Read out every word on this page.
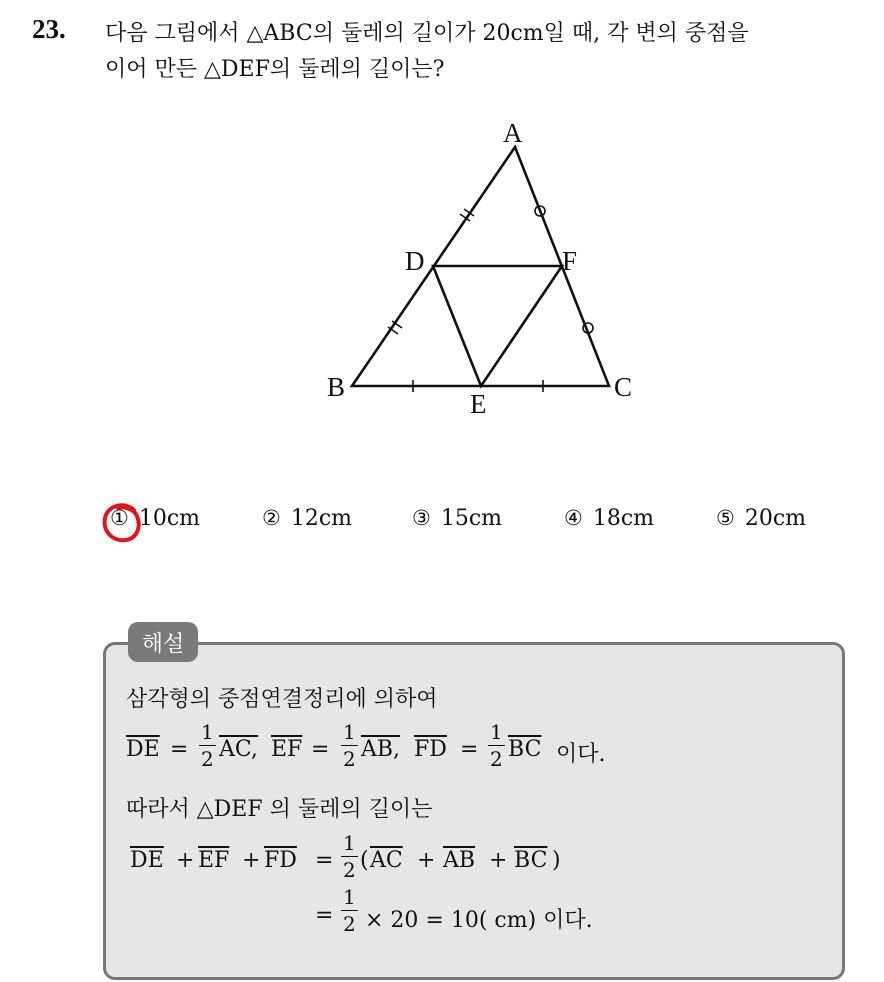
23. 다음 그림에서 △ABC의 둘레의 길이가 20cm일 때, 각 변의 중점을
이어 만든 △DEF의 둘레의 길이는?
A
B	C
D
E
F
① 10cm	② 12cm	③ 15cm	④ 18cm	⑤ 20cm
해설
삼각형의 중점연결정리에 의하여
$\overline{DE} = \frac{1}{2}$ AC, $\overline{EF} = \frac{1}{2}$ AB, $\overline{FD} = \frac{1}{2} \overline{BC}$ 이다.
따라서 △DEF 의 둘레의 길이는
$\overline{DE} + \overline{EF} + \overline{FD} = \frac{1}{2}$ ( $\overline{AC} + \overline{AB} + \overline{BC}$ )
= $\frac{1}{2} \times 20 = 10$( cm) 이다.
